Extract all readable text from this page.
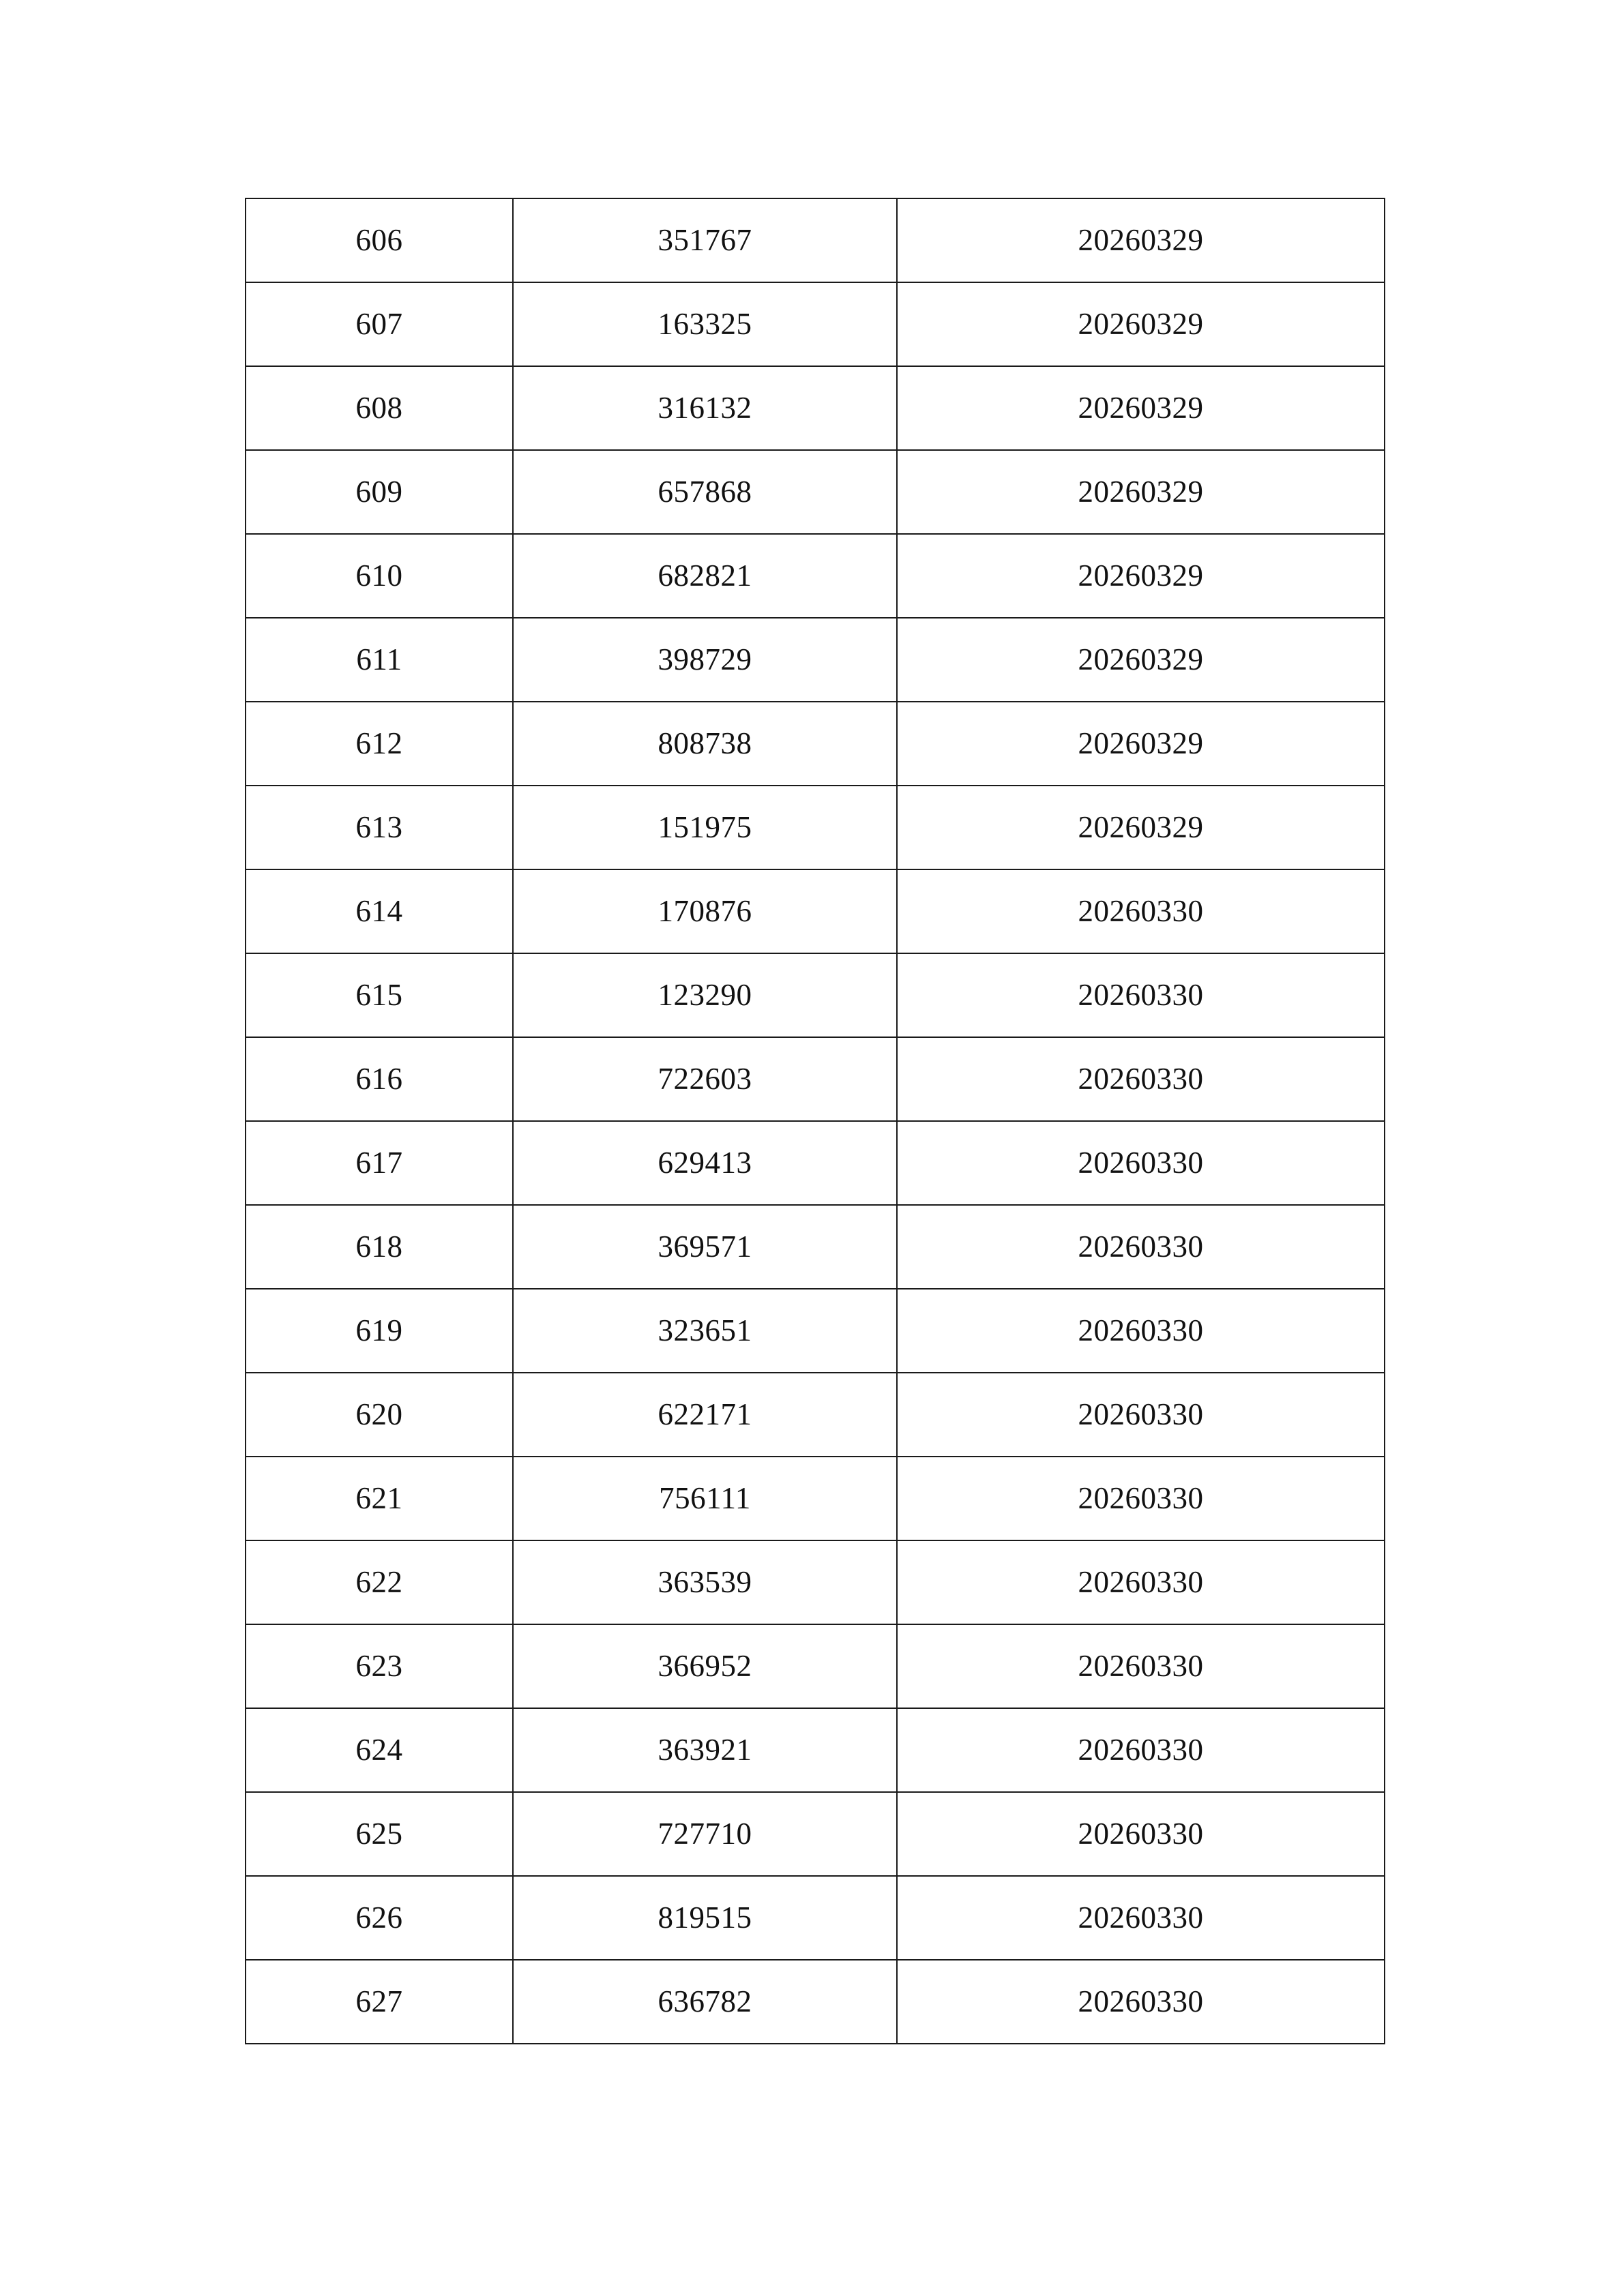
606	351767	20260329
607	163325	20260329
608	316132	20260329
609	657868	20260329
610	682821	20260329
611	398729	20260329
612	808738	20260329
613	151975	20260329
614	170876	20260330
615	123290	20260330
616	722603	20260330
617	629413	20260330
618	369571	20260330
619	323651	20260330
620	622171	20260330
621	756111	20260330
622	363539	20260330
623	366952	20260330
624	363921	20260330
625	727710	20260330
626	819515	20260330
627	636782	20260330
